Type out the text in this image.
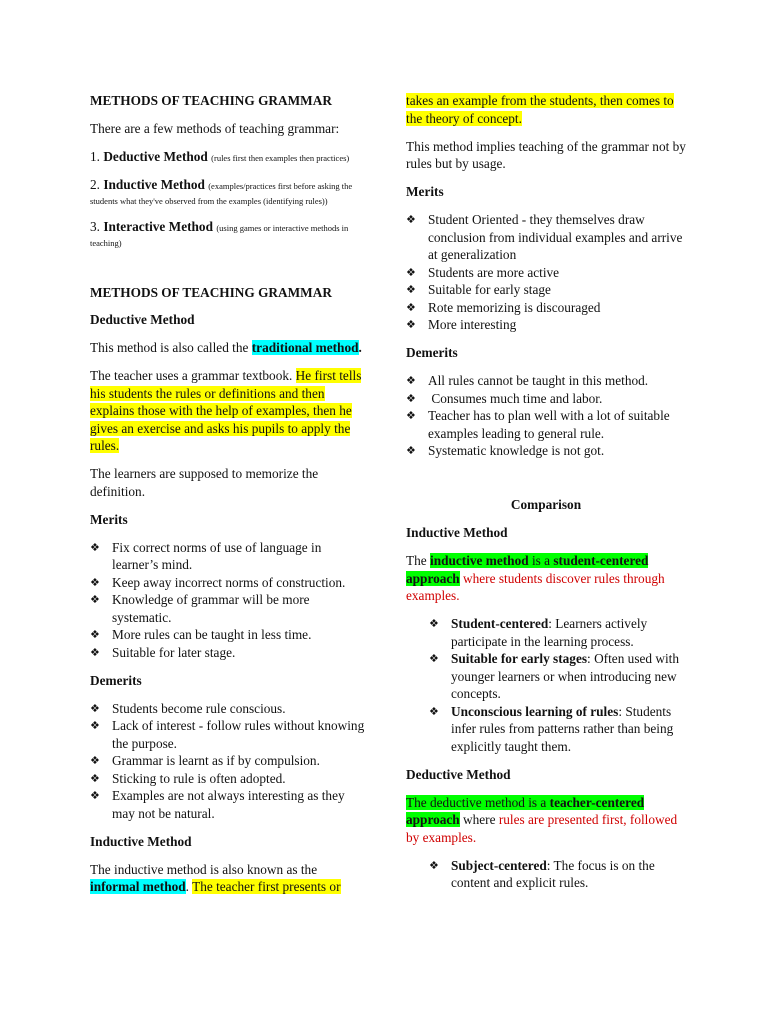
METHODS OF TEACHING GRAMMAR

There are a few methods of teaching grammar:

1. Deductive Method (rules first then examples then practices)

2. Inductive Method (examples/practices first before asking the students what they've observed from the examples (identifying rules))

3. Interactive Method (using games or interactive methods in teaching)

METHODS OF TEACHING GRAMMAR

Deductive Method

This method is also called the traditional method.

The teacher uses a grammar textbook. He first tells his students the rules or definitions and then explains those with the help of examples, then he gives an exercise and asks his pupils to apply the rules.

The learners are supposed to memorize the definition.

Merits

❖ Fix correct norms of use of language in learner’s mind.
❖ Keep away incorrect norms of construction.
❖ Knowledge of grammar will be more systematic.
❖ More rules can be taught in less time.
❖ Suitable for later stage.

Demerits

❖ Students become rule conscious.
❖ Lack of interest - follow rules without knowing the purpose.
❖ Grammar is learnt as if by compulsion.
❖ Sticking to rule is often adopted.
❖ Examples are not always interesting as they may not be natural.

Inductive Method

The inductive method is also known as the informal method. The teacher first presents or

takes an example from the students, then comes to the theory of concept.

This method implies teaching of the grammar not by rules but by usage.

Merits

❖ Student Oriented - they themselves draw conclusion from individual examples and arrive at generalization
❖ Students are more active
❖ Suitable for early stage
❖ Rote memorizing is discouraged
❖ More interesting

Demerits

❖ All rules cannot be taught in this method.
❖  Consumes much time and labor.
❖ Teacher has to plan well with a lot of suitable examples leading to general rule.
❖ Systematic knowledge is not got.

Comparison

Inductive Method

The inductive method is a student-centered approach where students discover rules through examples.

❖ Student-centered: Learners actively participate in the learning process.
❖ Suitable for early stages: Often used with younger learners or when introducing new concepts.
❖ Unconscious learning of rules: Students infer rules from patterns rather than being explicitly taught them.

Deductive Method

The deductive method is a teacher-centered approach where rules are presented first, followed by examples.

❖ Subject-centered: The focus is on the content and explicit rules.
